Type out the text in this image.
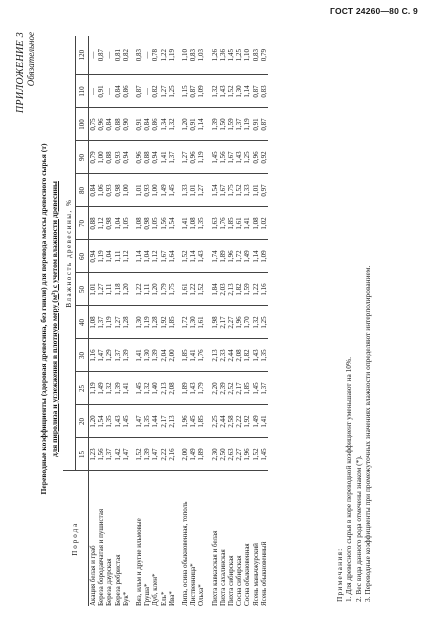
ГОСТ 24260—80 С. 9
ПРИЛОЖЕНИЕ 3 Обязательное
Переводные коэффициенты (здоровая древесина, без гнили) для перевода массы древесного сырья (т) для пиролиза и углежжения в плотную меру (м³) с учетом влажности древесины
Порода	Влажность древесины, %												
	15	20	25	30	40	50	60	70	80	90	100	110	120
Акация белая и граб	1,23	1,20	1,19	1,16	1,08	1,01	0,94	0,88	0,84	0,79	0,75	—	—
Береза бородавчатая и пушистая	1,56	1,54	1,49	1,47	1,37	1,27	1,19	1,12	1,06	1,00	0,96	0,91	0,87
Береза даурская	1,37	1,35	1,32	1,29	1,19	1,11	1,04	0,98	0,93	0,88	0,84	—	—
Береза ребристая	1,42	1,43	1,39	1,37	1,27	1,18	1,11	1,04	0,98	0,93	0,88	0,84	0,81
Бук*	1,47	1,45	1,41	1,39	1,28	1,20	1,12	1,05	1,00	0,94	0,90	0,86	0,82
Вяз, ильм и другие ильмовые	1,52	1,47	1,45	1,41	1,30	1,22	1,14	1,08	1,01	0,96	0,91	0,87	0,83
Груша*	1,39	1,35	1,32	1,30	1,19	1,11	1,04	0,98	0,93	0,88	0,84	—	—
Дуб, клен*	1,47	1,44	1,40	1,39	1,28	1,20	1,12	1,05	1,00	0,94	0,86	0,82	0,78
Ель*	2,22	2,17	2,13	2,04	1,92	1,79	1,67	1,56	1,49	1,41	1,34	1,27	1,22
Ива*	2,16	2,13	2,08	2,00	1,85	1,75	1,64	1,54	1,45	1,37	1,32	1,25	1,19
Липа, осина обыкновенная, тополь	2,00	1,96	1,89	1,85	1,72	1,61	1,52	1,41	1,33	1,27	1,20	1,15	1,10
Лиственница*	1,49	1,45	1,43	1,41	1,30	1,22	1,14	1,08	1,01	0,96	0,91	0,87	0,83
Ольха*	1,89	1,85	1,79	1,76	1,61	1,52	1,43	1,35	1,27	1,19	1,14	1,09	1,03
Пихта кавказская и белая	2,30	2,25	2,20	2,13	1,98	1,84	1,74	1,63	1,54	1,45	1,39	1,32	1,26
Пихта сахалинская	2,50	2,44	2,39	2,33	2,17	2,03	1,89	1,76	1,67	1,56	1,50	1,43	1,36
Пихта сибирская	2,63	2,58	2,52	2,44	2,27	2,13	1,96	1,85	1,75	1,67	1,59	1,52	1,45
Сосна сибирская	2,27	2,22	2,17	2,08	1,96	1,82	1,72	1,61	1,52	1,43	1,37	1,30	1,25
Сосна обыкновенная	1,96	1,92	1,85	1,82	1,70	1,59	1,49	1,41	1,33	1,25	1,19	1,14	1,10
Ясень маньчжурский	1,52	1,49	1,45	1,43	1,32	1,22	1,14	1,08	1,01	0,96	0,91	0,87	0,83
Ясень обыкновенный	1,45	1,41	1,37	1,35	1,25	1,16	1,09	1,02	0,97	0,92	0,87	0,83	0,79
Примечания: 1. Для древесного сырья в коре переводной коэффициент уменьшают на 10%. 2. Вес вида данного рода отмечены знаком (*). 3. Переводные коэффициенты при промежуточных значениях влажности определяют интерполированием.
